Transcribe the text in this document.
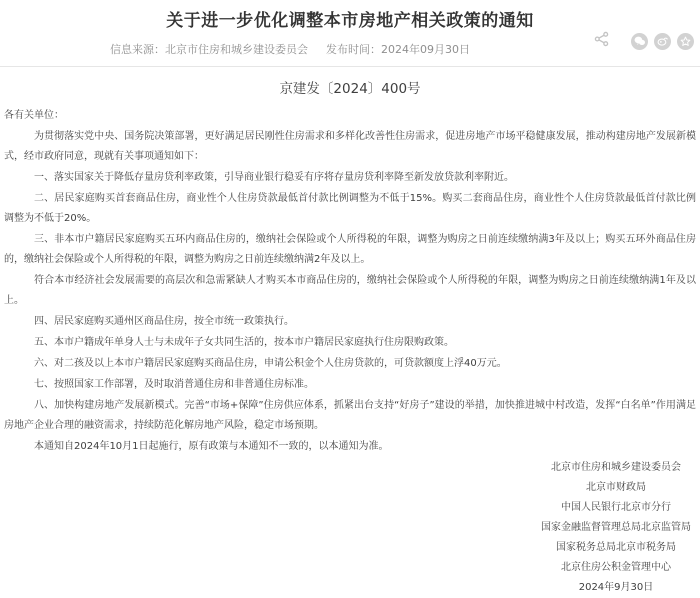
关于进一步优化调整本市房地产相关政策的通知
信息来源：北京市住房和城乡建设委员会 发布时间：2024年09月30日
京建发〔2024〕400号
各有关单位：

为贯彻落实党中央、国务院决策部署，更好满足居民刚性住房需求和多样化改善性住房需求，促进房地产市场平稳健康发展，推动构建房地产发展新模式，经市政府同意，现就有关事项通知如下：

一、落实国家关于降低存量房贷利率政策，引导商业银行稳妥有序将存量房贷利率降至新发放贷款利率附近。

二、居民家庭购买首套商品住房，商业性个人住房贷款最低首付款比例调整为不低于15%。购买二套商品住房，商业性个人住房贷款最低首付款比例调整为不低于20%。

三、非本市户籍居民家庭购买五环内商品住房的，缴纳社会保险或个人所得税的年限，调整为购房之日前连续缴纳满3年及以上；购买五环外商品住房的，缴纳社会保险或个人所得税的年限，调整为购房之日前连续缴纳满2年及以上。

符合本市经济社会发展需要的高层次和急需紧缺人才购买本市商品住房的，缴纳社会保险或个人所得税的年限，调整为购房之日前连续缴纳满1年及以上。

四、居民家庭购买通州区商品住房，按全市统一政策执行。

五、本市户籍成年单身人士与未成年子女共同生活的，按本市户籍居民家庭执行住房限购政策。

六、对二孩及以上本市户籍居民家庭购买商品住房，申请公积金个人住房贷款的，可贷款额度上浮40万元。

七、按照国家工作部署，及时取消普通住房和非普通住房标准。

八、加快构建房地产发展新模式。完善“市场+保障”住房供应体系，抓紧出台支持“好房子”建设的举措，加快推进城中村改造，发挥“白名单”作用满足房地产企业合理的融资需求，持续防范化解房地产风险，稳定市场预期。

本通知自2024年10月1日起施行，原有政策与本通知不一致的，以本通知为准。

北京市住房和城乡建设委员会
北京市财政局
中国人民银行北京市分行
国家金融监督管理总局北京监管局
国家税务总局北京市税务局
北京住房公积金管理中心
2024年9月30日
